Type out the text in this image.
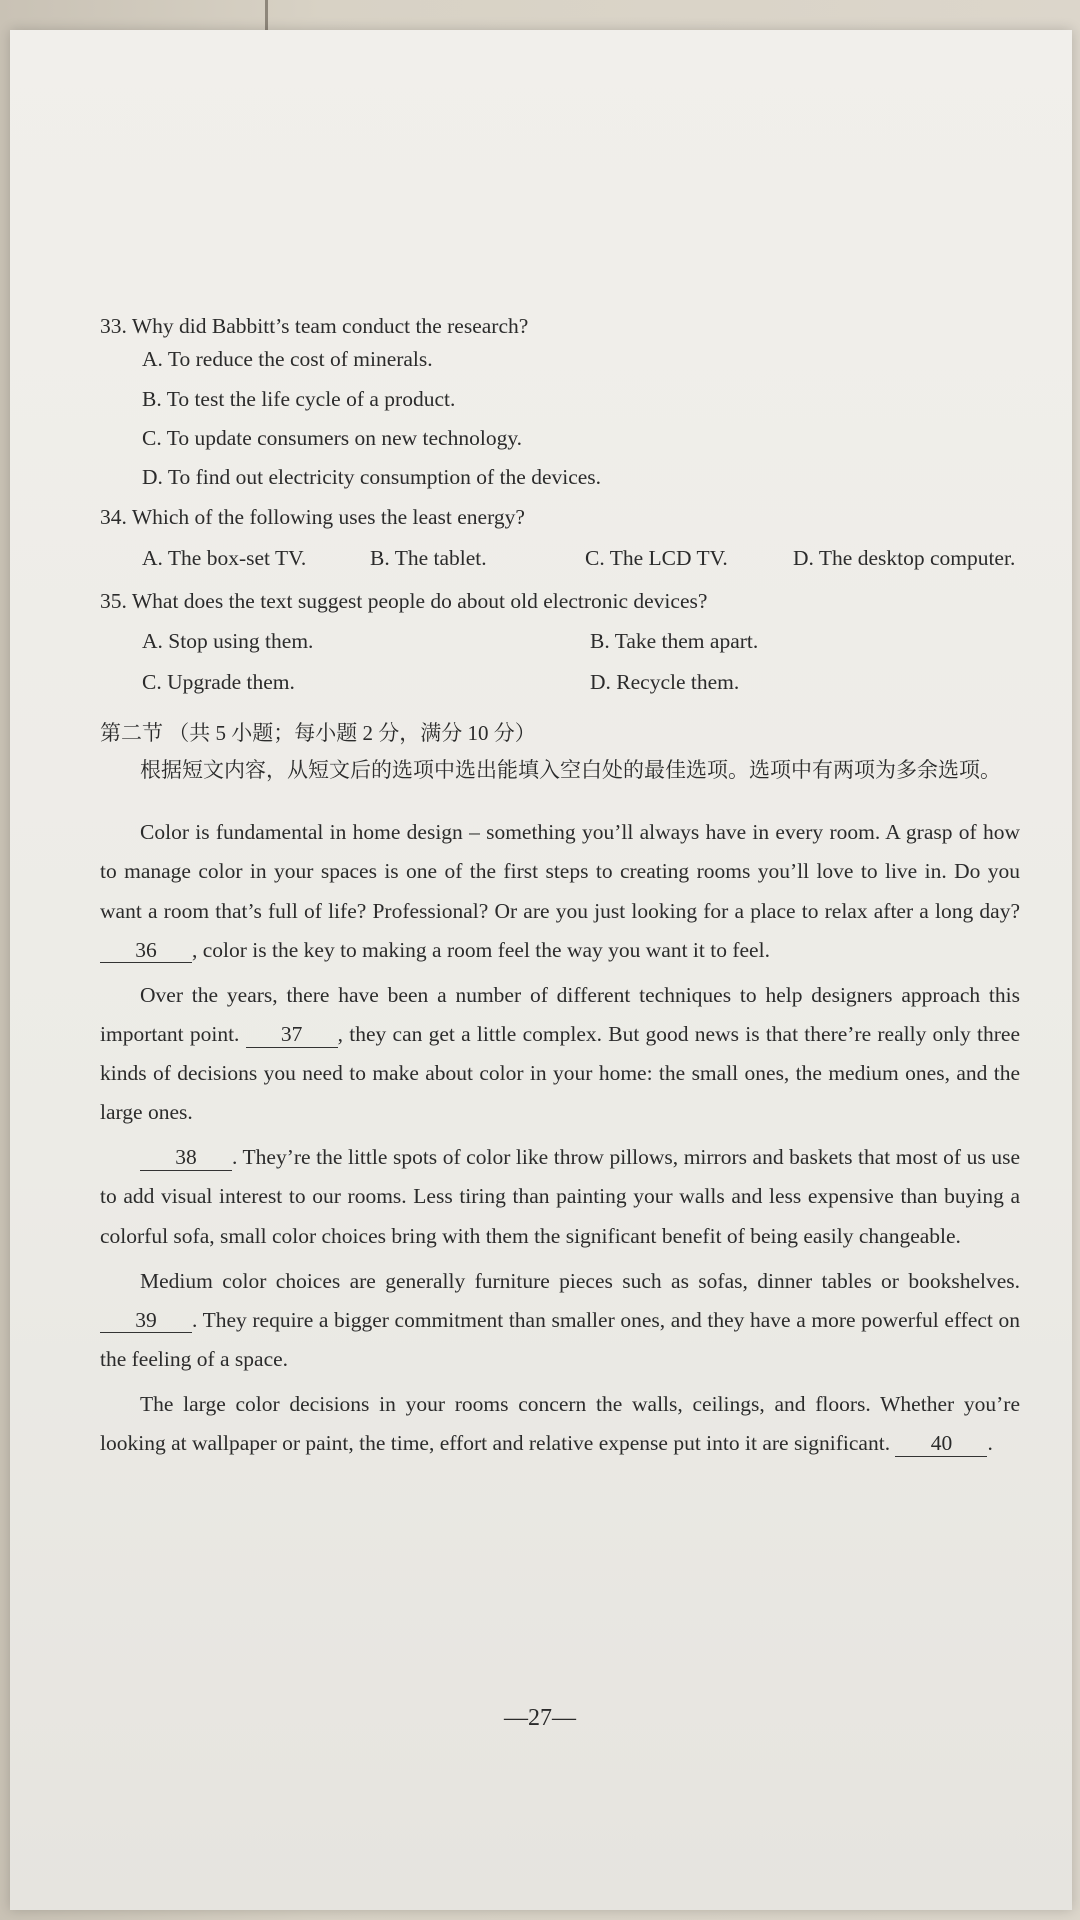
33. Why did Babbitt’s team conduct the research?

A. To reduce the cost of minerals.

B. To test the life cycle of a product.

C. To update consumers on new technology.

D. To find out electricity consumption of the devices.

34. Which of the following uses the least energy?

A. The box-set TV.	B. The tablet.	C. The LCD TV.	D. The desktop computer.

35. What does the text suggest people do about old electronic devices?

A. Stop using them.	B. Take them apart.
C. Upgrade them.	D. Recycle them.

第二节 （共 5 小题；每小题 2 分，满分 10 分）

根据短文内容，从短文后的选项中选出能填入空白处的最佳选项。选项中有两项为多余选项。

Color is fundamental in home design – something you’ll always have in every room. A grasp of how to manage color in your spaces is one of the first steps to creating rooms you’ll love to live in. Do you want a room that’s full of life? Professional? Or are you just looking for a place to relax after a long day? 36 , color is the key to making a room feel the way you want it to feel.

Over the years, there have been a number of different techniques to help designers approach this important point. 37 , they can get a little complex. But good news is that there’re really only three kinds of decisions you need to make about color in your home: the small ones, the medium ones, and the large ones.

38 . They’re the little spots of color like throw pillows, mirrors and baskets that most of us use to add visual interest to our rooms. Less tiring than painting your walls and less expensive than buying a colorful sofa, small color choices bring with them the significant benefit of being easily changeable.

Medium color choices are generally furniture pieces such as sofas, dinner tables or bookshelves. 39 . They require a bigger commitment than smaller ones, and they have a more powerful effect on the feeling of a space.

The large color decisions in your rooms concern the walls, ceilings, and floors. Whether you’re looking at wallpaper or paint, the time, effort and relative expense put into it are significant. 40 .

—27—
